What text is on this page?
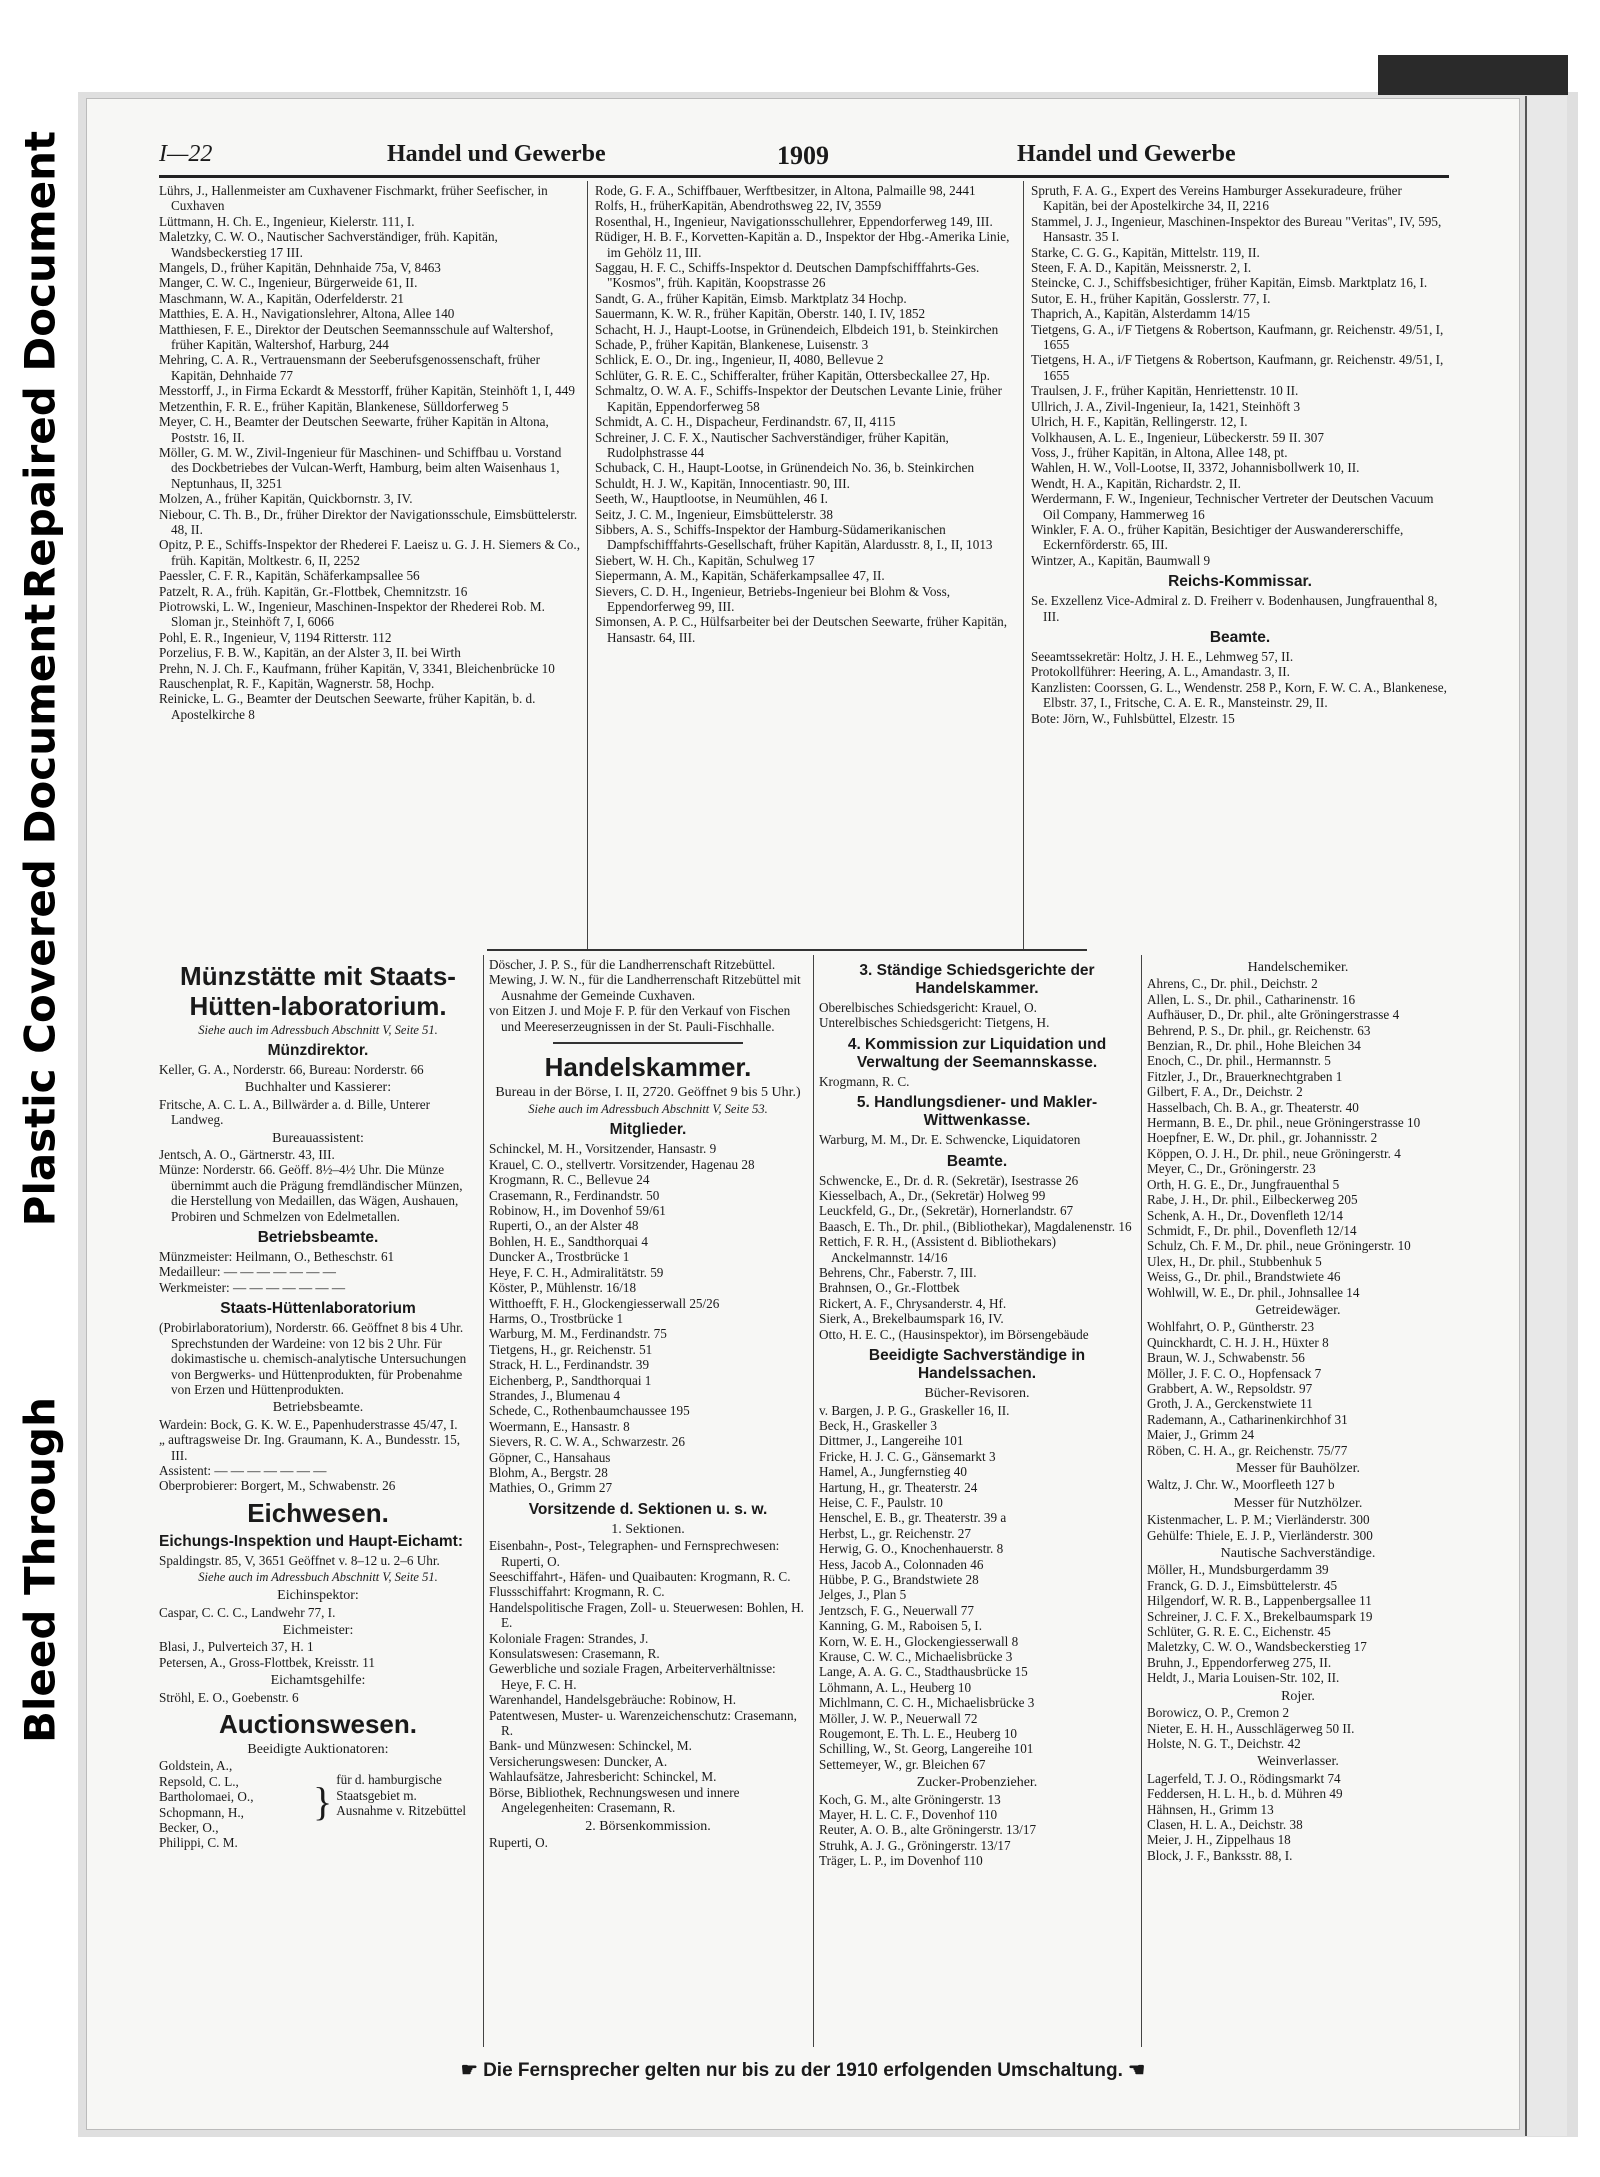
Bleed Through
Plastic Covered Document
Repaired Document	I—22	Handel und Gewerbe	1909	Handel und Gewerbe

Lührs, J., Hallenmeister am Cuxhavener Fischmarkt, früher Seefischer, in Cuxhaven

Lüttmann, H. Ch. E., Ingenieur, Kielerstr. 111, I.

Maletzky, C. W. O., Nautischer Sachverständiger, früh. Kapitän, Wandsbeckerstieg 17 III.

Mangels, D., früher Kapitän, Dehnhaide 75a, V, 8463

Manger, C. W. C., Ingenieur, Bürgerweide 61, II.

Maschmann, W. A., Kapitän, Oderfelderstr. 21

Matthies, E. A. H., Navigationslehrer, Altona, Allee 140

Matthiesen, F. E., Direktor der Deutschen Seemannsschule auf Waltershof, früher Kapitän, Waltershof, Harburg, 244

Mehring, C. A. R., Vertrauensmann der Seeberufsgenossenschaft, früher Kapitän, Dehnhaide 77

Messtorff, J., in Firma Eckardt & Messtorff, früher Kapitän, Steinhöft 1, I, 449

Metzenthin, F. R. E., früher Kapitän, Blankenese, Sülldorferweg 5

Meyer, C. H., Beamter der Deutschen Seewarte, früher Kapitän in Altona, Poststr. 16, II.

Möller, G. M. W., Zivil-Ingenieur für Maschinen- und Schiffbau u. Vorstand des Dockbetriebes der Vulcan-Werft, Hamburg, beim alten Waisenhaus 1, Neptunhaus, II, 3251

Molzen, A., früher Kapitän, Quickbornstr. 3, IV.

Niebour, C. Th. B., Dr., früher Direktor der Navigationsschule, Eimsbüttelerstr. 48, II.

Opitz, P. E., Schiffs-Inspektor der Rhederei F. Laeisz u. G. J. H. Siemers & Co., früh. Kapitän, Moltkestr. 6, II, 2252

Paessler, C. F. R., Kapitän, Schäferkampsallee 56

Patzelt, R. A., früh. Kapitän, Gr.-Flottbek, Chemnitzstr. 16

Piotrowski, L. W., Ingenieur, Maschinen-Inspektor der Rhederei Rob. M. Sloman jr., Steinhöft 7, I, 6066

Pohl, E. R., Ingenieur, V, 1194 Ritterstr. 112

Porzelius, F. B. W., Kapitän, an der Alster 3, II. bei Wirth

Prehn, N. J. Ch. F., Kaufmann, früher Kapitän, V, 3341, Bleichenbrücke 10

Rauschenplat, R. F., Kapitän, Wagnerstr. 58, Hochp.

Reinicke, L. G., Beamter der Deutschen Seewarte, früher Kapitän, b. d. Apostelkirche 8

Rode, G. F. A., Schiffbauer, Werftbesitzer, in Altona, Palmaille 98, 2441

Rolfs, H., früherKapitän, Abendrothsweg 22, IV, 3559

Rosenthal, H., Ingenieur, Navigationsschullehrer, Eppendorferweg 149, III.

Rüdiger, H. B. F., Korvetten-Kapitän a. D., Inspektor der Hbg.-Amerika Linie, im Gehölz 11, III.

Saggau, H. F. C., Schiffs-Inspektor d. Deutschen Dampfschifffahrts-Ges. "Kosmos", früh. Kapitän, Koopstrasse 26

Sandt, G. A., früher Kapitän, Eimsb. Marktplatz 34 Hochp.

Sauermann, K. W. R., früher Kapitän, Oberstr. 140, I. IV, 1852

Schacht, H. J., Haupt-Lootse, in Grünendeich, Elbdeich 191, b. Steinkirchen

Schade, P., früher Kapitän, Blankenese, Luisenstr. 3

Schlick, E. O., Dr. ing., Ingenieur, II, 4080, Bellevue 2

Schlüter, G. R. E. C., Schifferalter, früher Kapitän, Ottersbeckallee 27, Hp.

Schmaltz, O. W. A. F., Schiffs-Inspektor der Deutschen Levante Linie, früher Kapitän, Eppendorferweg 58

Schmidt, A. C. H., Dispacheur, Ferdinandstr. 67, II, 4115

Schreiner, J. C. F. X., Nautischer Sachverständiger, früher Kapitän, Rudolphstrasse 44

Schuback, C. H., Haupt-Lootse, in Grünendeich No. 36, b. Steinkirchen

Schuldt, H. J. W., Kapitän, Innocentiastr. 90, III.

Seeth, W., Hauptlootse, in Neumühlen, 46 I.

Seitz, J. C. M., Ingenieur, Eimsbüttelerstr. 38

Sibbers, A. S., Schiffs-Inspektor der Hamburg-Südamerikanischen Dampfschifffahrts-Gesellschaft, früher Kapitän, Alardusstr. 8, I., II, 1013

Siebert, W. H. Ch., Kapitän, Schulweg 17

Siepermann, A. M., Kapitän, Schäferkampsallee 47, II.

Sievers, C. D. H., Ingenieur, Betriebs-Ingenieur bei Blohm & Voss, Eppendorferweg 99, III.

Simonsen, A. P. C., Hülfsarbeiter bei der Deutschen Seewarte, früher Kapitän, Hansastr. 64, III.

Spruth, F. A. G., Expert des Vereins Hamburger Assekuradeure, früher Kapitän, bei der Apostelkirche 34, II, 2216

Stammel, J. J., Ingenieur, Maschinen-Inspektor des Bureau "Veritas", IV, 595, Hansastr. 35 I.

Starke, C. G. G., Kapitän, Mittelstr. 119, II.

Steen, F. A. D., Kapitän, Meissnerstr. 2, I.

Steincke, C. J., Schiffsbesichtiger, früher Kapitän, Eimsb. Marktplatz 16, I.

Sutor, E. H., früher Kapitän, Gosslerstr. 77, I.

Thaprich, A., Kapitän, Alsterdamm 14/15

Tietgens, G. A., i/F Tietgens & Robertson, Kaufmann, gr. Reichenstr. 49/51, I, 1655

Tietgens, H. A., i/F Tietgens & Robertson, Kaufmann, gr. Reichenstr. 49/51, I, 1655

Traulsen, J. F., früher Kapitän, Henriettenstr. 10 II.

Ullrich, J. A., Zivil-Ingenieur, Ia, 1421, Steinhöft 3

Ulrich, H. F., Kapitän, Rellingerstr. 12, I.

Volkhausen, A. L. E., Ingenieur, Lübeckerstr. 59 II. 307

Voss, J., früher Kapitän, in Altona, Allee 148, pt.

Wahlen, H. W., Voll-Lootse, II, 3372, Johannisbollwerk 10, II.

Wendt, H. A., Kapitän, Richardstr. 2, II.

Werdermann, F. W., Ingenieur, Technischer Vertreter der Deutschen Vacuum Oil Company, Hammerweg 16

Winkler, F. A. O., früher Kapitän, Besichtiger der Auswandererschiffe, Eckernförderstr. 65, III.

Wintzer, A., Kapitän, Baumwall 9

Reichs-Kommissar.

Se. Exzellenz Vice-Admiral z. D. Freiherr v. Bodenhausen, Jungfrauenthal 8, III.

Beamte.

Seeamtssekretär: Holtz, J. H. E., Lehmweg 57, II.

Protokollführer: Heering, A. L., Amandastr. 3, II.

Kanzlisten: Coorssen, G. L., Wendenstr. 258 P., Korn, F. W. C. A., Blankenese, Elbstr. 37, I., Fritsche, C. A. E. R., Mansteinstr. 29, II.

Bote: Jörn, W., Fuhlsbüttel, Elzestr. 15

Münzstätte mit Staats-Hütten-laboratorium.
Siehe auch im Adressbuch Abschnitt V, Seite 51.
Münzdirektor.

Keller, G. A., Norderstr. 66, Bureau: Norderstr. 66

Buchhalter und Kassierer:

Fritsche, A. C. L. A., Billwärder a. d. Bille, Unterer Landweg.

Bureauassistent:

Jentsch, A. O., Gärtnerstr. 43, III.

Münze: Norderstr. 66. Geöff. 8½–4½ Uhr. Die Münze übernimmt auch die Prägung fremdländischer Münzen, die Herstellung von Medaillen, das Wägen, Aushauen, Probiren und Schmelzen von Edelmetallen.

Betriebsbeamte.

Münzmeister: Heilmann, O., Betheschstr. 61

Medailleur: — — — — — — —

Werkmeister: — — — — — — —

Staats-Hüttenlaboratorium

(Probirlaboratorium), Norderstr. 66. Geöffnet 8 bis 4 Uhr. Sprechstunden der Wardeine: von 12 bis 2 Uhr. Für dokimastische u. chemisch-analytische Untersuchungen von Bergwerks- und Hüttenprodukten, für Probenahme von Erzen und Hüttenprodukten.

Betriebsbeamte.

Wardein: Bock, G. K. W. E., Papenhuderstrasse 45/47, I.

„ auftragsweise Dr. Ing. Graumann, K. A., Bundesstr. 15, III.

Assistent: — — — — — — —

Oberprobierer: Borgert, M., Schwabenstr. 26

Eichwesen.
Eichungs-Inspektion und Haupt-Eichamt:

Spaldingstr. 85, V, 3651 Geöffnet v. 8–12 u. 2–6 Uhr.

Siehe auch im Adressbuch Abschnitt V, Seite 51.
Eichinspektor:

Caspar, C. C. C., Landwehr 77, I.

Eichmeister:

Blasi, J., Pulverteich 37, H. 1

Petersen, A., Gross-Flottbek, Kreisstr. 11

Eichamtsgehilfe:

Ströhl, E. O., Goebenstr. 6

Auctionswesen.
Beeidigte Auktionatoren:

Goldstein, A.,

Repsold, C. L.,

Bartholomaei, O.,

Schopmann, H.,

Becker, O.,

Philippi, C. M.

} für d. hamburgische Staatsgebiet m. Ausnahme v. Ritzebüttel

Döscher, J. P. S., für die Landherrenschaft Ritzebüttel.

Mewing, J. W. N., für die Landherrenschaft Ritzebüttel mit Ausnahme der Gemeinde Cuxhaven.

von Eitzen J. und Moje F. P. für den Verkauf von Fischen und Meereserzeugnissen in der St. Pauli-Fischhalle.

Handelskammer.
Bureau in der Börse, I. II, 2720. Geöffnet 9 bis 5 Uhr.)
Siehe auch im Adressbuch Abschnitt V, Seite 53.
Mitglieder.

Schinckel, M. H., Vorsitzender, Hansastr. 9

Krauel, C. O., stellvertr. Vorsitzender, Hagenau 28

Krogmann, R. C., Bellevue 24

Crasemann, R., Ferdinandstr. 50

Robinow, H., im Dovenhof 59/61

Ruperti, O., an der Alster 48

Bohlen, H. E., Sandthorquai 4

Duncker A., Trostbrücke 1

Heye, F. C. H., Admiralitätstr. 59

Köster, P., Mühlenstr. 16/18

Witthoefft, F. H., Glockengiesserwall 25/26

Harms, O., Trostbrücke 1

Warburg, M. M., Ferdinandstr. 75

Tietgens, H., gr. Reichenstr. 51

Strack, H. L., Ferdinandstr. 39

Eichenberg, P., Sandthorquai 1

Strandes, J., Blumenau 4

Schede, C., Rothenbaumchaussee 195

Woermann, E., Hansastr. 8

Sievers, R. C. W. A., Schwarzestr. 26

Göpner, C., Hansahaus

Blohm, A., Bergstr. 28

Mathies, O., Grimm 27

Vorsitzende d. Sektionen u. s. w.
1. Sektionen.

Eisenbahn-, Post-, Telegraphen- und Fernsprechwesen: Ruperti, O.

Seeschiffahrt-, Häfen- und Quaibauten: Krogmann, R. C.

Flussschiffahrt: Krogmann, R. C.

Handelspolitische Fragen, Zoll- u. Steuerwesen: Bohlen, H. E.

Koloniale Fragen: Strandes, J.

Konsulatswesen: Crasemann, R.

Gewerbliche und soziale Fragen, Arbeiterverhältnisse: Heye, F. C. H.

Warenhandel, Handelsgebräuche: Robinow, H.

Patentwesen, Muster- u. Warenzeichenschutz: Crasemann, R.

Bank- und Münzwesen: Schinckel, M.

Versicherungswesen: Duncker, A.

Wahlaufsätze, Jahresbericht: Schinckel, M.

Börse, Bibliothek, Rechnungswesen und innere Angelegenheiten: Crasemann, R.

2. Börsenkommission.

Ruperti, O.

3. Ständige Schiedsgerichte der Handelskammer.

Oberelbisches Schiedsgericht: Krauel, O.

Unterelbisches Schiedsgericht: Tietgens, H.

4. Kommission zur Liquidation und Verwaltung der Seemannskasse.

Krogmann, R. C.

5. Handlungsdiener- und Makler-Wittwenkasse.

Warburg, M. M., Dr. E. Schwencke, Liquidatoren

Beamte.

Schwencke, E., Dr. d. R. (Sekretär), Isestrasse 26

Kiesselbach, A., Dr., (Sekretär) Holweg 99

Leuckfeld, G., Dr., (Sekretär), Hornerlandstr. 67

Baasch, E. Th., Dr. phil., (Bibliothekar), Magdalenenstr. 16

Rettich, F. R. H., (Assistent d. Bibliothekars) Anckelmannstr. 14/16

Behrens, Chr., Faberstr. 7, III.

Brahnsen, O., Gr.-Flottbek

Rickert, A. F., Chrysanderstr. 4, Hf.

Sierk, A., Brekelbaumspark 16, IV.

Otto, H. E. C., (Hausinspektor), im Börsengebäude

Beeidigte Sachverständige in Handelssachen.
Bücher-Revisoren.

v. Bargen, J. P. G., Graskeller 16, II.

Beck, H., Graskeller 3

Dittmer, J., Langereihe 101

Fricke, H. J. C. G., Gänsemarkt 3

Hamel, A., Jungfernstieg 40

Hartung, H., gr. Theaterstr. 24

Heise, C. F., Paulstr. 10

Henschel, E. B., gr. Theaterstr. 39 a

Herbst, L., gr. Reichenstr. 27

Herwig, G. O., Knochenhauerstr. 8

Hess, Jacob A., Colonnaden 46

Hübbe, P. G., Brandstwiete 28

Jelges, J., Plan 5

Jentzsch, F. G., Neuerwall 77

Kanning, G. M., Raboisen 5, I.

Korn, W. E. H., Glockengiesserwall 8

Krause, C. W. C., Michaelisbrücke 3

Lange, A. A. G. C., Stadthausbrücke 15

Löhmann, A. L., Heuberg 10

Michlmann, C. C. H., Michaelisbrücke 3

Möller, J. W. P., Neuerwall 72

Rougemont, E. Th. L. E., Heuberg 10

Schilling, W., St. Georg, Langereihe 101

Settemeyer, W., gr. Bleichen 67

Zucker-Probenzieher.

Koch, G. M., alte Gröningerstr. 13

Mayer, H. L. C. F., Dovenhof 110

Reuter, A. O. B., alte Gröningerstr. 13/17

Struhk, A. J. G., Gröningerstr. 13/17

Träger, L. P., im Dovenhof 110

Handelschemiker.

Ahrens, C., Dr. phil., Deichstr. 2

Allen, L. S., Dr. phil., Catharinenstr. 16

Aufhäuser, D., Dr. phil., alte Gröningerstrasse 4

Behrend, P. S., Dr. phil., gr. Reichenstr. 63

Benzian, R., Dr. phil., Hohe Bleichen 34

Enoch, C., Dr. phil., Hermannstr. 5

Fitzler, J., Dr., Brauerknechtgraben 1

Gilbert, F. A., Dr., Deichstr. 2

Hasselbach, Ch. B. A., gr. Theaterstr. 40

Hermann, B. E., Dr. phil., neue Gröningerstrasse 10

Hoepfner, E. W., Dr. phil., gr. Johannisstr. 2

Köppen, O. J. H., Dr. phil., neue Gröningerstr. 4

Meyer, C., Dr., Gröningerstr. 23

Orth, H. G. E., Dr., Jungfrauenthal 5

Rabe, J. H., Dr. phil., Eilbeckerweg 205

Schenk, A. H., Dr., Dovenfleth 12/14

Schmidt, F., Dr. phil., Dovenfleth 12/14

Schulz, Ch. F. M., Dr. phil., neue Gröningerstr. 10

Ulex, H., Dr. phil., Stubbenhuk 5

Weiss, G., Dr. phil., Brandstwiete 46

Wohlwill, W. E., Dr. phil., Johnsallee 14

Getreidewäger.

Wohlfahrt, O. P., Güntherstr. 23

Quinckhardt, C. H. J. H., Hüxter 8

Braun, W. J., Schwabenstr. 56

Möller, J. F. C. O., Hopfensack 7

Grabbert, A. W., Repsoldstr. 97

Groth, J. A., Gerckenstwiete 11

Rademann, A., Catharinenkirchhof 31

Maier, J., Grimm 24

Röben, C. H. A., gr. Reichenstr. 75/77

Messer für Bauhölzer.

Waltz, J. Chr. W., Moorfleeth 127 b

Messer für Nutzhölzer.

Kistenmacher, L. P. M.; Vierländerstr. 300

Gehülfe: Thiele, E. J. P., Vierländerstr. 300

Nautische Sachverständige.

Möller, H., Mundsburgerdamm 39

Franck, G. D. J., Eimsbüttelerstr. 45

Hilgendorf, W. R. B., Lappenbergsallee 11

Schreiner, J. C. F. X., Brekelbaumspark 19

Schlüter, G. R. E. C., Eichenstr. 45

Maletzky, C. W. O., Wandsbeckerstieg 17

Bruhn, J., Eppendorferweg 275, II.

Heldt, J., Maria Louisen-Str. 102, II.

Rojer.

Borowicz, O. P., Cremon 2

Nieter, E. H. H., Ausschlägerweg 50 II.

Holste, N. G. T., Deichstr. 42

Weinverlasser.

Lagerfeld, T. J. O., Rödingsmarkt 74

Feddersen, H. L. H., b. d. Mühren 49

Hähnsen, H., Grimm 13

Clasen, H. L. A., Deichstr. 38

Meier, J. H., Zippelhaus 18

Block, J. F., Banksstr. 88, I.

☛ Die Fernsprecher gelten nur bis zu der 1910 erfolgenden Umschaltung. ☚
